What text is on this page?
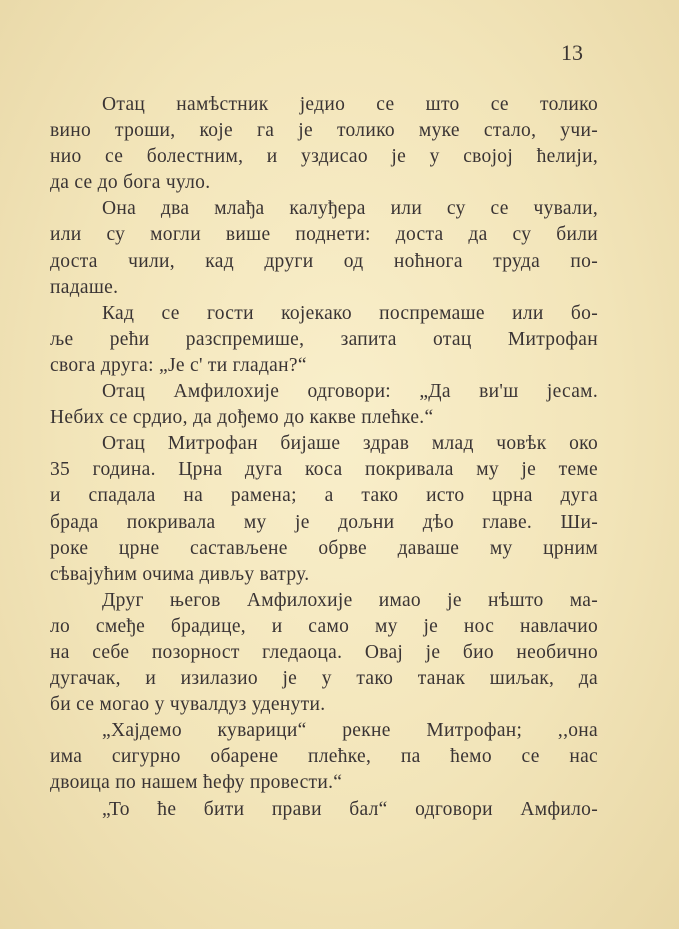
13
Отац намѣстник једио се што се толико
вино троши, које га је толико муке стало, учи-
нио се болестним, и уздисао је у својој ћелији,
да се до бога чуло.
Она два млађа калуђера или су се чували,
или су могли више поднети: доста да су били
доста чили, кад други од ноћнога труда по-
падаше.
Кад се гости којекако поспремаше или бо-
ље рећи разспремише, запита отац Митрофан
свога друга: „Је с' ти гладан?“
Отац Амфилохије одговори: „Да ви'ш јесам.
Небих се срдио, да дођемо до какве плећке.“
Отац Митрофан бијаше здрав млад човѣк око
35 година. Црна дуга коса покривала му је теме
и спадала на рамена; а тако исто црна дуга
брада покривала му је дољни дѣо главе. Ши-
роке црне састављене обрве даваше му црним
сѣвајућим очима дивљу ватру.
Друг његов Амфилохије имао је нѣшто ма-
ло смеђе брадице, и само му је нос навлачио
на себе позорност гледаоца. Овај је био необично
дугачак, и изилазио је у тако танак шиљак, да
би се могао у чувалдуз уденути.
„Хајдемо куварици“ рекне Митрофан; ,,она
има сигурно обарене плећке, па ћемо се нас
двоица по нашем ћефу провести.“
„То ће бити прави бал“ одговори Амфило-
